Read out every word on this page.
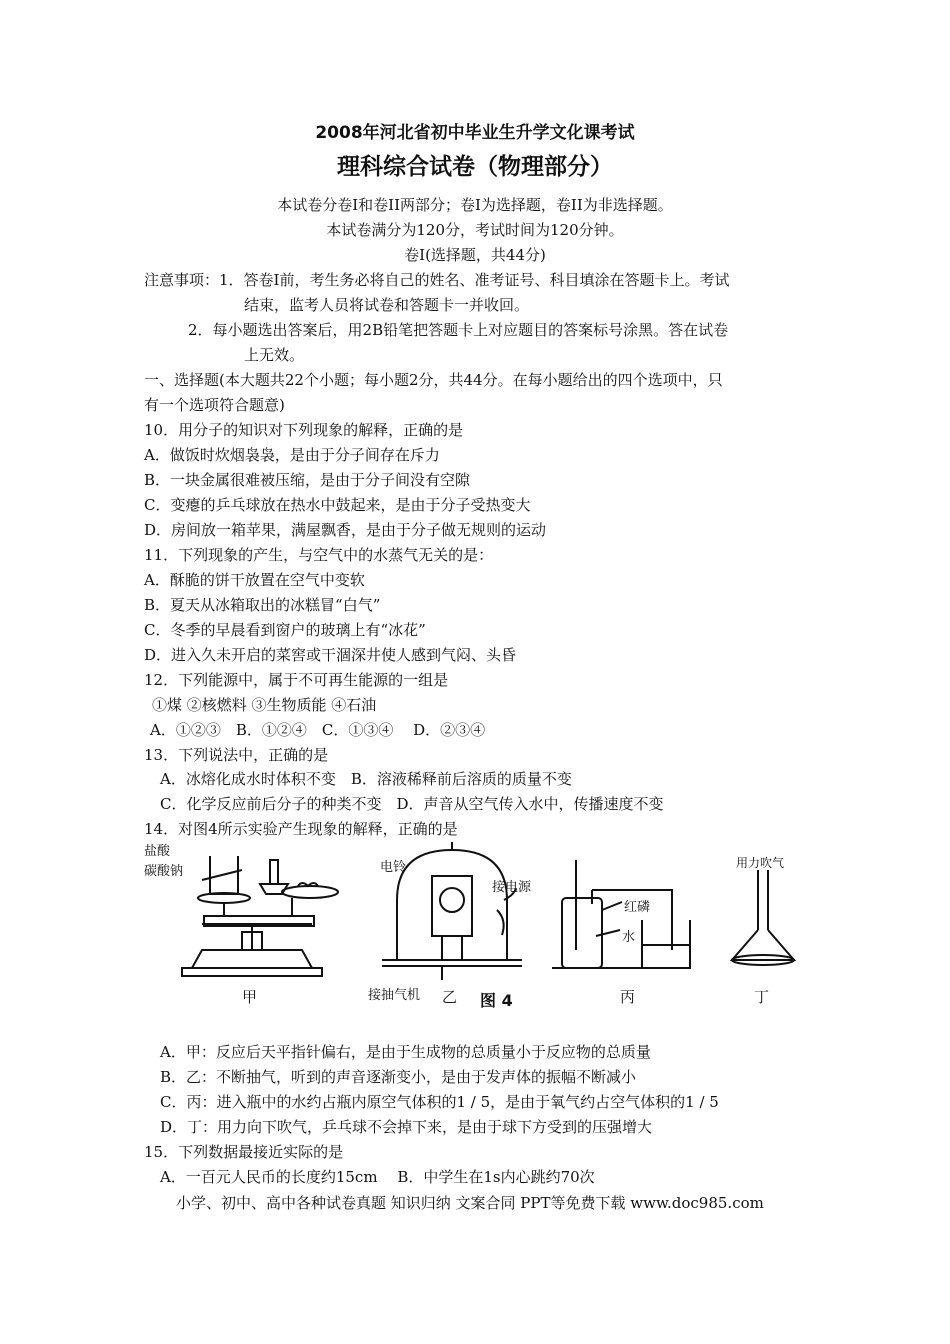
2008年河北省初中毕业生升学文化课考试
理科综合试卷（物理部分）
本试卷分卷I和卷II两部分；卷I为选择题，卷II为非选择题。
本试卷满分为120分，考试时间为120分钟。
卷I(选择题，共44分)
注意事项：1．答卷I前，考生务必将自己的姓名、准考证号、科目填涂在答题卡上。考试
结束，监考人员将试卷和答题卡一并收回。
2．每小题选出答案后，用2B铅笔把答题卡上对应题目的答案标号涂黑。答在试卷
上无效。
一、选择题(本大题共22个小题；每小题2分，共44分。在每小题给出的四个选项中，只
有一个选项符合题意)
10．用分子的知识对下列现象的解释，正确的是
A．做饭时炊烟袅袅，是由于分子间存在斥力
B．一块金属很难被压缩，是由于分子间没有空隙
C．变瘪的乒乓球放在热水中鼓起来，是由于分子受热变大
D．房间放一箱苹果，满屋飘香，是由于分子做无规则的运动
11．下列现象的产生，与空气中的水蒸气无关的是：
A．酥脆的饼干放置在空气中变软
B．夏天从冰箱取出的冰糕冒“白气”
C．冬季的早晨看到窗户的玻璃上有“冰花”
D．进入久未开启的菜窖或干涸深井使人感到气闷、头昏
12．下列能源中，属于不可再生能源的一组是
①煤 ②核燃料 ③生物质能 ④石油
A．①②③　B．①②④　C．①③④　 D．②③④
13．下列说法中，正确的是
A．冰熔化成水时体积不变　B．溶液稀释前后溶质的质量不变
C．化学反应前后分子的种类不变　D．声音从空气传入水中，传播速度不变
14．对图4所示实验产生现象的解释，正确的是
盐酸
碳酸钠	电铃
接电源
接抽气机
红磷
水
用力吹气
甲	乙	丙	丁
图 4
A．甲：反应后天平指针偏右，是由于生成物的总质量小于反应物的总质量
B．乙：不断抽气，听到的声音逐渐变小，是由于发声体的振幅不断减小
C．丙：进入瓶中的水约占瓶内原空气体积的1 / 5，是由于氧气约占空气体积的1 / 5
D．丁：用力向下吹气，乒乓球不会掉下来，是由于球下方受到的压强增大
15．下列数据最接近实际的是
A．一百元人民币的长度约15cm　 B．中学生在1s内心跳约70次
小学、初中、高中各种试卷真题 知识归纳 文案合同 PPT等免费下载 www.doc985.com
